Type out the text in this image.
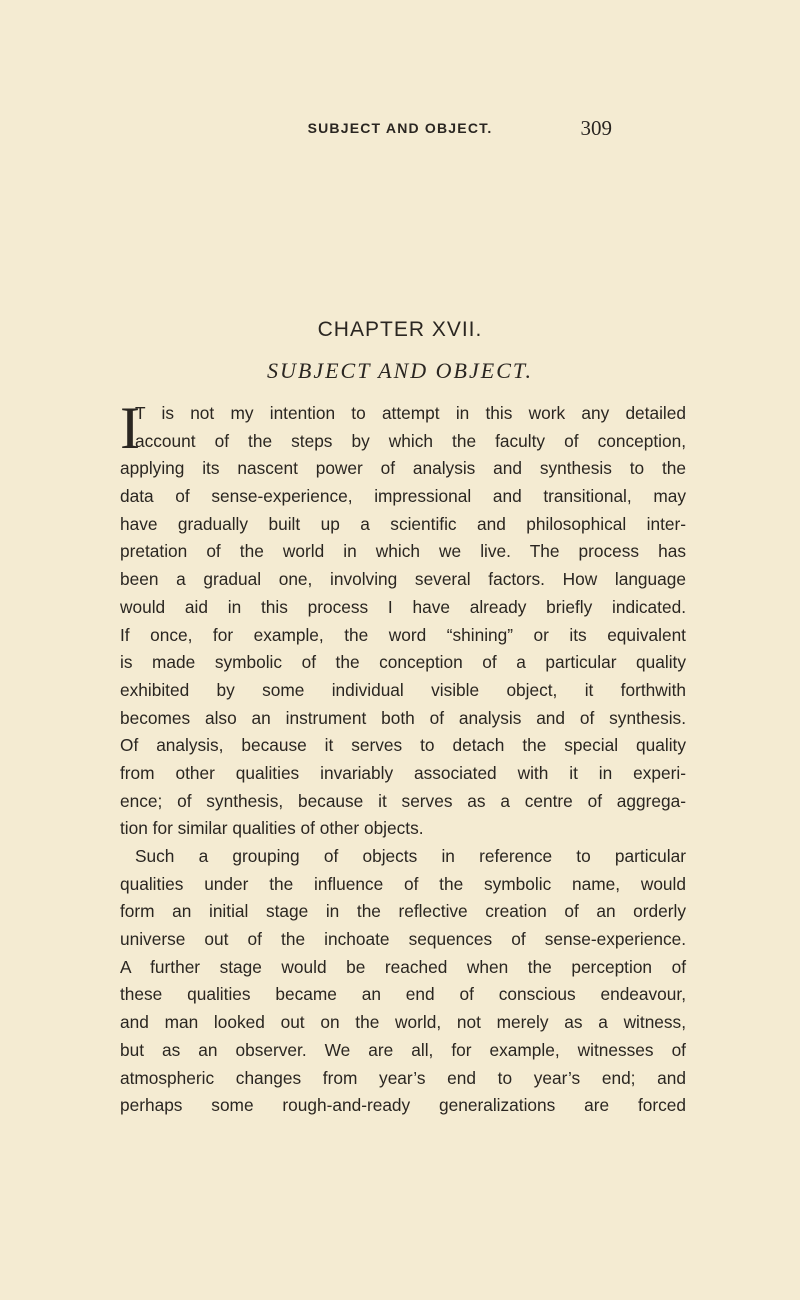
SUBJECT AND OBJECT.	309
CHAPTER XVII.
SUBJECT AND OBJECT.
I
T is not my intention to attempt in this work any detailed
account of the steps by which the faculty of conception,
applying its nascent power of analysis and synthesis to the
data of sense-experience, impressional and transitional, may
have gradually built up a scientific and philosophical inter-
pretation of the world in which we live. The process has
been a gradual one, involving several factors. How language
would aid in this process I have already briefly indicated.
If once, for example, the word “shining” or its equivalent
is made symbolic of the conception of a particular quality
exhibited by some individual visible object, it forthwith
becomes also an instrument both of analysis and of synthesis.
Of analysis, because it serves to detach the special quality
from other qualities invariably associated with it in experi-
ence; of synthesis, because it serves as a centre of aggrega-
tion for similar qualities of other objects.
Such a grouping of objects in reference to particular
qualities under the influence of the symbolic name, would
form an initial stage in the reflective creation of an orderly
universe out of the inchoate sequences of sense-experience.
A further stage would be reached when the perception of
these qualities became an end of conscious endeavour,
and man looked out on the world, not merely as a witness,
but as an observer. We are all, for example, witnesses of
atmospheric changes from year’s end to year’s end; and
perhaps some rough-and-ready generalizations are forced
